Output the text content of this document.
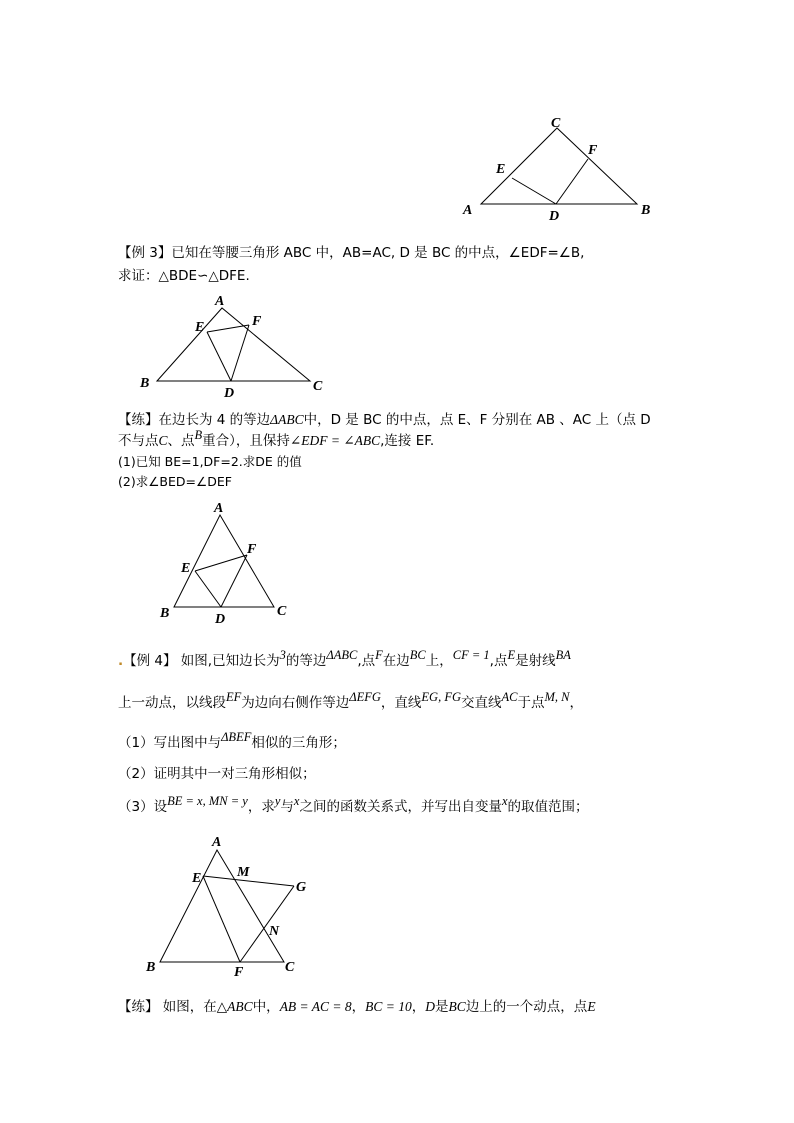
C
F
E
A	D	B
【例 3】已知在等腰三角形 ABC 中，AB=AC, D 是 BC 的中点，∠EDF=∠B,
求证：△BDE∽△DFE.
A
E	F
B
D	C
【练】在边长为 4 的等边ΔABC中，D 是 BC 的中点，点 E、F 分别在 AB 、AC 上（点 D
不与点C、点B重合），且保持∠EDF = ∠ABC,连接 EF.
(1)已知 BE=1,DF=2.求DE 的值
(2)求∠BED=∠DEF
A
F
E
B	D
C
.【例 4】 如图,已知边长为3的等边ΔABC,点F在边BC上，CF = 1,点E是射线BA
上一动点，以线段EF为边向右侧作等边ΔEFG，直线EG, FG交直线AC于点M, N，
（1）写出图中与ΔBEF相似的三角形；
（2）证明其中一对三角形相似；
（3）设BE = x, MN = y，求y与x之间的函数关系式，并写出自变量x的取值范围；
A
M
E
G
N
B	F	C
【练】 如图，在△ABC中，AB = AC = 8，BC = 10，D是BC边上的一个动点，点E
